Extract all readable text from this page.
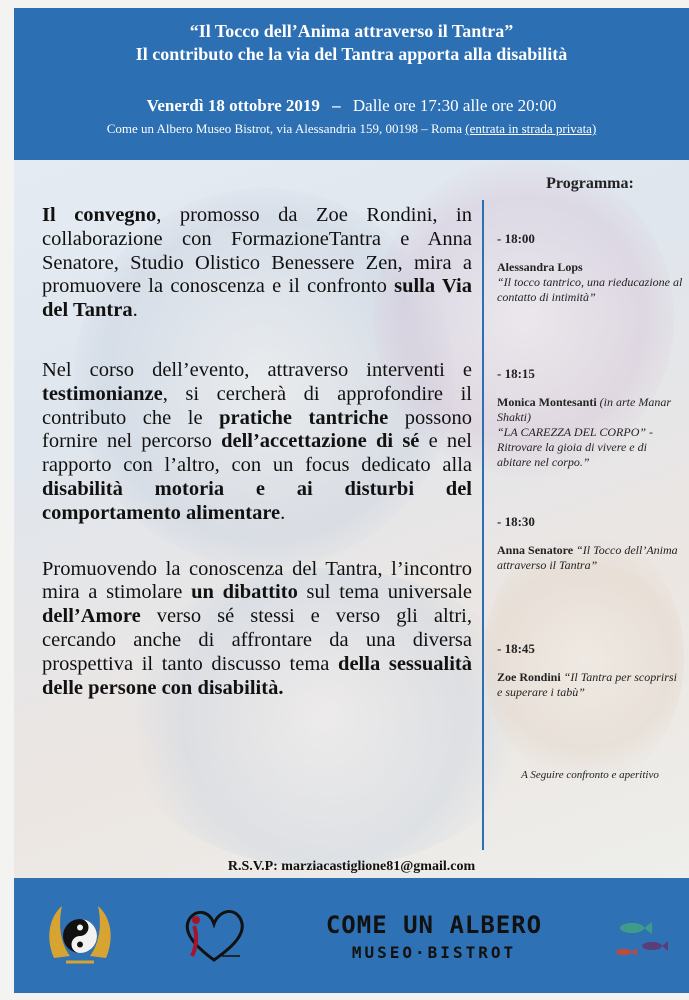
“Il Tocco dell’Anima attraverso il Tantra”
Il contributo che la via del Tantra apporta alla disabilità
Venerdì 18 ottobre 2019 – Dalle ore 17:30 alle ore 20:00
Come un Albero Museo Bistrot, via Alessandria 159, 00198 – Roma (entrata in strada privata)

Il convegno, promosso da Zoe Rondini, in collaborazione con FormazioneTantra e Anna Senatore, Studio Olistico Benessere Zen, mira a promuovere la conoscenza e il confronto sulla Via del Tantra.

Nel corso dell’evento, attraverso interventi e testimonianze, si cercherà di approfondire il contributo che le pratiche tantriche possono fornire nel percorso dell’accettazione di sé e nel rapporto con l’altro, con un focus dedicato alla disabilità motoria e ai disturbi del comportamento alimentare.

Promuovendo la conoscenza del Tantra, l’incontro mira a stimolare un dibattito sul tema universale dell’Amore verso sé stessi e verso gli altri, cercando anche di affrontare da una diversa prospettiva il tanto discusso tema della sessualità delle persone con disabilità.

Programma:
- 18:00
Alessandra Lops
“Il tocco tantrico, una rieducazione al contatto di intimità”
- 18:15
Monica Montesanti (in arte Manar Shakti)
“LA CAREZZA DEL CORPO” - Ritrovare la gioia di vivere e di abitare nel corpo.”
- 18:30
Anna Senatore “Il Tocco dell’Anima attraverso il Tantra”
- 18:45
Zoe Rondini “Il Tantra per scoprirsi e superare i tabù”
A Seguire confronto e aperitivo
R.S.V.P: marziacastiglione81@gmail.com
COME UN ALBERO
MUSEO·BISTROT
